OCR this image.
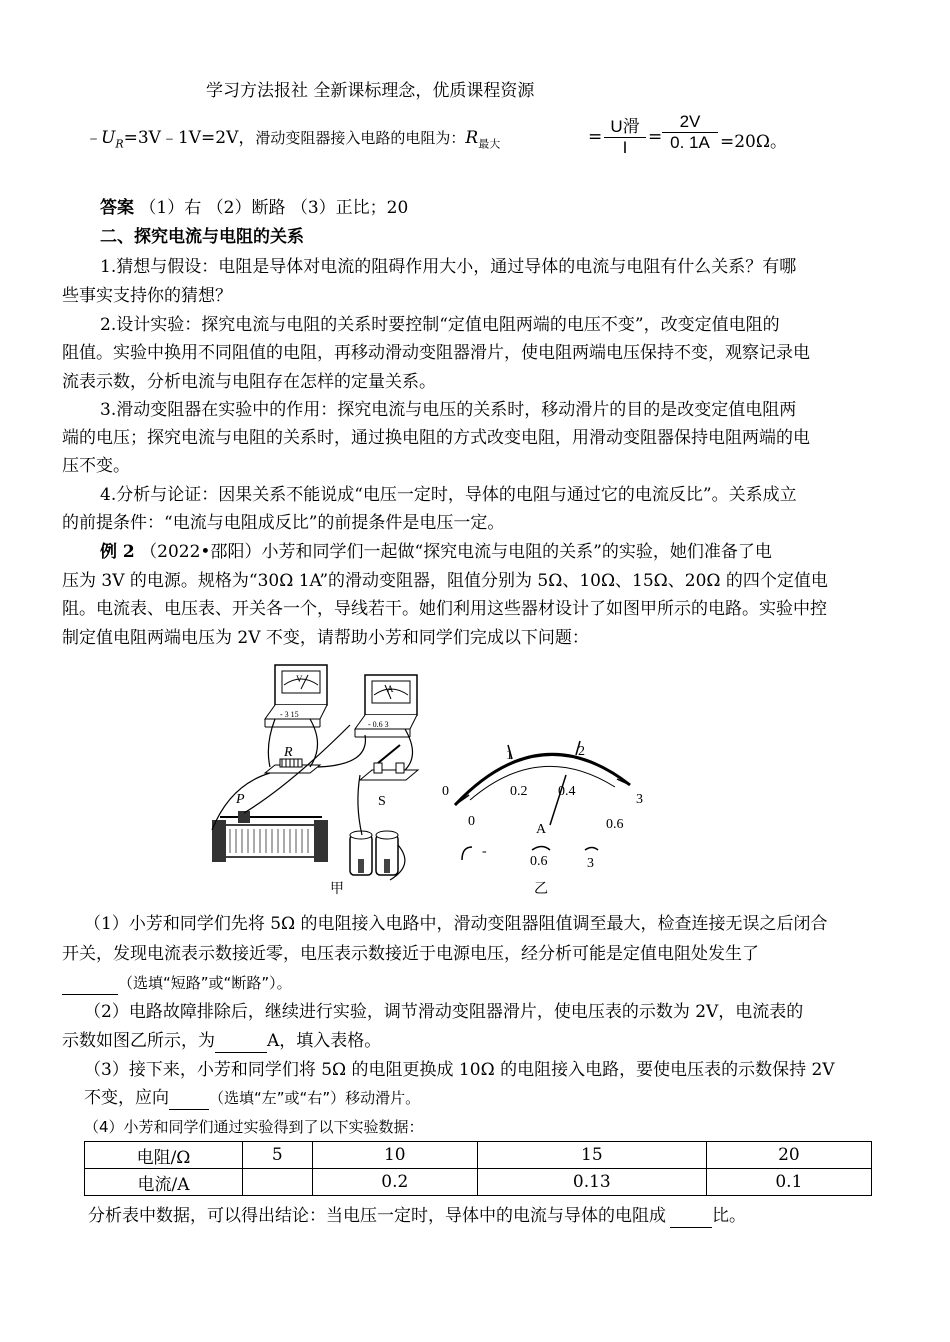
学习方法报社 全新课标理念，优质课程资源
$﹣U_R=3V﹣1V=2V$，滑动变阻器接入电路的电阻为：$R_{最大}$	=
U滑
I
= $\frac{2V}{0. 1A} =20\Omega$。
答案 （1）右 （2）断路 （3）正比；20
二、探究电流与电阻的关系
1.猜想与假设：电阻是导体对电流的阻碍作用大小，通过导体的电流与电阻有什么关系？有哪
些事实支持你的猜想？
2.设计实验：探究电流与电阻的关系时要控制“定值电阻两端的电压不变”，改变定值电阻的
阻值。实验中换用不同阻值的电阻，再移动滑动变阻器滑片，使电阻两端电压保持不变，观察记录电
流表示数，分析电流与电阻存在怎样的定量关系。
3.滑动变阻器在实验中的作用：探究电流与电压的关系时，移动滑片的目的是改变定值电阻两
端的电压；探究电流与电阻的关系时，通过换电阻的方式改变电阻，用滑动变阻器保持电阻两端的电
压不变。
4.分析与论证：因果关系不能说成“电压一定时，导体的电阻与通过它的电流反比”。关系成立
的前提条件：“电流与电阻成反比”的前提条件是电压一定。
例 2 （2022•邵阳）小芳和同学们一起做“探究电流与电阻的关系”的实验，她们准备了电
压为 3V 的电源。规格为“30Ω 1A”的滑动变阻器，阻值分别为 5Ω、10Ω、15Ω、20Ω 的四个定值电
阻。电流表、电压表、开关各一个，导线若干。她们利用这些器材设计了如图甲所示的电路。实验中控
制定值电阻两端电压为 2V 不变，请帮助小芳和同学们完成以下问题：
V
- 3 15
A
- 0.6 3
R
S
P
甲
0
1	2
3
0
0.2 0.4
0.6
A
-
0.6	3
乙
（1）小芳和同学们先将 5Ω 的电阻接入电路中，滑动变阻器阻值调至最大，检查连接无误之后闭合
开关，发现电流表示数接近零，电压表示数接近于电源电压，经分析可能是定值电阻处发生了
（选填“短路”或“断路”）。
（2）电路故障排除后，继续进行实验，调节滑动变阻器滑片，使电压表的示数为 2V，电流表的
示数如图乙所示，为	A，填入表格。
（3）接下来，小芳和同学们将 5Ω 的电阻更换成 10Ω 的电阻接入电路，要使电压表的示数保持 2V
不变，应向	（选填“左”或“右”）移动滑片。
（4）小芳和同学们通过实验得到了以下实验数据：
电阻/Ω	5	10	15	20
电流/A		0.2	0.13	0.1
分析表中数据，可以得出结论：当电压一定时，导体中的电流与导体的电阻成	比。
